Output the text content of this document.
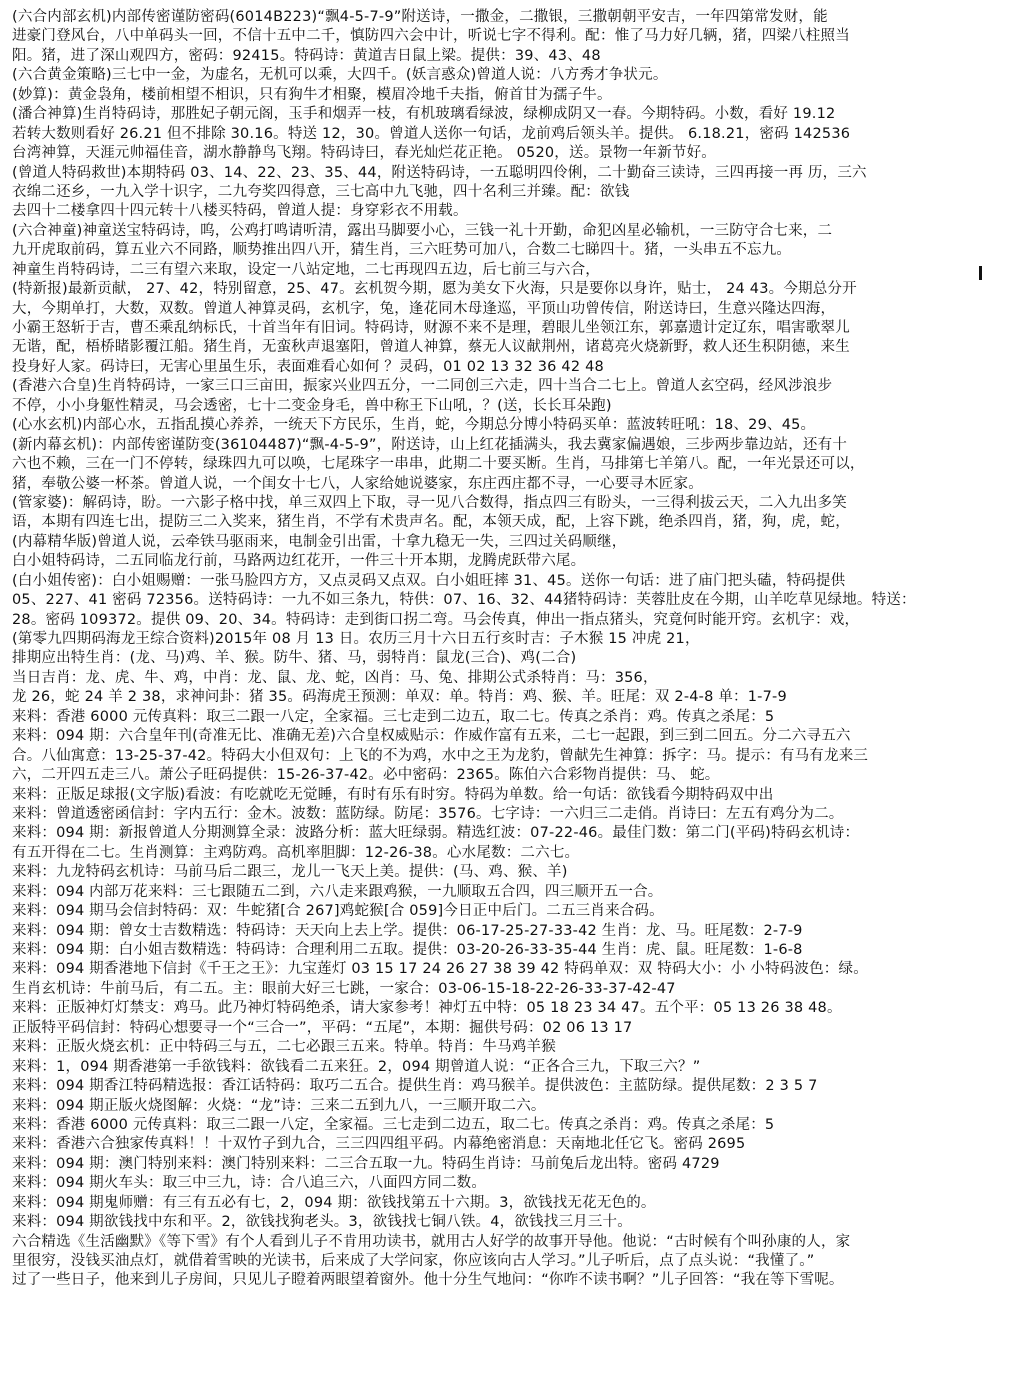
(六合内部玄机)内部传密谨防密码(6014B223)“飘4-5-7-9”附送诗，一撒金，二撒银，三撒朝朝平安吉，一年四第常发财，能
进豪门登风台，八中单码头一回，不信十五中二千，慎防四六会中计，听说七字不得利。配：惟了马力好几辆，猪，四梁八柱照当
阳。猪，进了深山观四方，密码：92415。特码诗：黄道吉日鼠上梁。提供：39、43、48
(六合黄金策略)三七中一金，为虚名，无机可以乘，大四千。(妖言惑众)曾道人说：八方秀才争状元。
(妙算)：黄金袅角，楼前相望不相识，只有狗牛才相聚，模眉冷地千夫指，俯首甘为孺子牛。
(潘合神算)生肖特码诗，那胜妃子朝元阁，玉手和烟弄一枝，有机玻璃看绿波，绿柳成阴又一春。今期特码。小数，看好 19.12
若转大数则看好 26.21 但不排除 30.16。特送 12，30。曾道人送你一句话，龙前鸡后领头羊。提供。 6.18.21，密码 142536
台湾神算，天涯元帅福佳音，湖水静静鸟飞翔。特码诗曰，春光灿烂花正艳。 0520，送。景物一年新节好。
(曾道人特码救世)本期特码 03、14、22、23、35、44，附送特码诗，一五聪明四伶俐，二十勤奋三读诗，三四再接一再 历，三六
衣绵二还乡，一九入学十识字，二九夸奖四得意，三七高中九飞驰，四十名利三并臻。配：欲钱
去四十二楼拿四十四元转十八楼买特码，曾道人提：身穿彩衣不用载。
(六合神童)神童送宝特码诗，呜，公鸡打鸣请听清，露出马脚要小心，三钱一礼十开勤，命犯凶星必输机，一三防守合七来，二
九开虎取前码，算五业六不同路，顺势推出四八开，猜生肖，三六旺势可加八，合数二七睇四十。猪，一头串五不忘九。
神童生肖特码诗，二三有望六来取，设定一八站定地，二七再现四五边，后七前三与六合，
(特新报)最新贡献， 27、42，特别留意，25、47。玄机贺今期，愿为美女下火海，只是要你以身许，贴士， 24 43。今期总分开
大，今期单打，大数，双数。曾道人神算灵码，玄机字，兔，逢花同木母逢巡，平顶山功曾传信，附送诗曰，生意兴隆达四海，
小霸王怒斩于吉，曹丕乘乱纳标氏，十首当年有旧词。特码诗，财源不来不是理，碧眼儿坐领江东，郭嘉遗计定辽东，唱害歌翠儿
无谐，配，梧桥睹影覆江船。猪生肖，无蛮秋声退塞阳，曾道人神算，蔡无人议献荆州，诸葛亮火烧新野，救人还生积阴德，来生
投身好人家。码诗曰，无害心里虽生乐，表面难看心如何 ？灵码，01 02 13 32 36 42 48
(香港六合皇)生肖特码诗，一家三口三亩田，振家兴业四五分，一二同创三六走，四十当合二七上。曾道人玄空码，经风涉浪步
不停，小小身躯性精灵，马会透密，七十二变金身毛，兽中称王下山吼，？(送，长长耳朵跑)
(心水玄机)内部心水，五指乱摸心养养，一统天下方民乐，生肖，蛇，今期总分博小特码买单：蓝波转旺吼：18、29、45。
(新内幕玄机)：内部传密谨防变(36104487)“飘-4-5-9”，附送诗，山上红花插满头，我去冀家偏遇娘，三步两步靠边站，还有十
六也不赖，三在一门不停转，绿珠四九可以唤，七尾珠字一串串，此期二十要买断。生肖，马排第七羊第八。配，一年光景还可以，
猪，奉敬公婆一杯茶。曾道人说，一个闺女十七八，人家给她说婆家，东庄西庄都不寻，一心要寻木匠家。
(管家婆)：解码诗，盼。一六影子格中找，单三双四上下取，寻一见八合数得，指点四三有盼头，一三得利拔云天，二入九出多笑
语，本期有四连七出，提防三二入奖来，猪生肖，不学有术贵声名。配，本领天成，配，上容下跳，绝杀四肖，猪，狗，虎，蛇，
(内幕精华版)曾道人说，云牵铁马驱雨来，电制金引出雷，十拿九稳无一失，三四过关码顺继，
白小姐特码诗，二五同临龙行前，马路两边红花开，一件三十开本期，龙腾虎跃带六尾。
(白小姐传密)：白小姐赐赠：一张马脸四方方，又点灵码又点双。白小姐旺摔 31、45。送你一句话：进了庙门把头磕，特码提供
05、227、41 密码 72356。送特码诗：一九不如三条九，特供：07、16、32、44猪特码诗：芙蓉肚皮在今期，山羊吃草见绿地。特送：
28。密码 109372。提供 09、20、34。特码诗：走到街口拐二弯。马会传真，伸出一指点猪头，究竟何时能开窍。玄机字：戏，
(第零九四期码海龙王综合资料)2015年 08 月 13 日。农历三月十六日五行亥时吉：子木猴 15 冲虎 21，
排期应出特生肖：(龙、马)鸡、羊、猴。防牛、猪、马，弱特肖：鼠龙(三合)、鸡(二合)
当日吉肖：龙、虎、牛、鸡，中肖：龙、鼠、龙、蛇，凶肖：马、兔、排期公式杀特肖：马：356，
龙 26，蛇 24 羊 2 38，求神问卦：猪 35。码海虎王预测：单双：单。特肖：鸡、猴、羊。旺尾：双 2-4-8 单：1-7-9
来料：香港 6000 元传真料：取三二跟一八定，全家福。三七走到二边五，取二七。传真之杀肖：鸡。传真之杀尾：5
来料：094 期：六合皇年刊(奇准无比、准确无差)六合皇权威贴示：作威作富有五来，二七一起跟，到三到二回五。分二六寻五六
合。八仙寓意：13-25-37-42。特码大小但双句：上飞的不为鸡，水中之王为龙豹，曾献先生神算：拆字：马。提示：有马有龙来三
六，二开四五走三八。萧公子旺码提供：15-26-37-42。必中密码：2365。陈伯六合彩物肖提供：马、 蛇。
来料：正版足球报(文字版)看波：有吃就吃无觉睡，有时有乐有时穷。特码为单数。给一句话：欲钱看今期特码双中出
来料：曾道透密函信封：字内五行：金木。波数：蓝防绿。防尾：3576。七字诗：一六归三二走俏。肖诗曰：左五有鸡分为二。
来料：094 期：新报曾道人分期测算全录：波路分析：蓝大旺绿弱。精选红波：07-22-46。最佳门数：第二门(平码)特码玄机诗：
有五开得在二七。生肖测算：主鸡防鸡。高机率胆脚：12-26-38。心水尾数：二六七。
来料：九龙特码玄机诗：马前马后二跟三，龙儿一飞天上美。提供：(马、鸡、猴、羊)
来料：094 内部万花来料：三七跟随五二到，六八走来跟鸡猴，一九顺取五合四，四三顺开五一合。
来料：094 期马会信封特码：双：牛蛇猪[合 267]鸡蛇猴[合 059]今日正中后门。二五三肖来合码。
来料：094 期：曾女士吉数精选：特码诗：天天向上去上学。提供：06-17-25-27-33-42 生肖：龙、马。旺尾数：2-7-9
来料：094 期：白小姐吉数精选：特码诗：合理利用二五取。提供：03-20-26-33-35-44 生肖：虎、鼠。旺尾数：1-6-8
来料：094 期香港地下信封《千王之王》：九宝莲灯 03 15 17 24 26 27 38 39 42 特码单双：双 特码大小：小 小特码波色：绿。
生肖玄机诗：牛前马后，有二五。主：眼前大好三七跳，一家合：03-06-15-18-22-26-33-37-42-47
来料：正版神灯灯禁支：鸡马。此乃神灯特码绝杀，请大家参考！神灯五中特：05 18 23 34 47。五个平：05 13 26 38 48。
正版特平码信封：特码心想要寻一个“三合一”，平码：“五尾”，本期：掘供号码：02 06 13 17
来料：正版火烧玄机：正中特码三与五，二七必跟三五来。特单。特肖：牛马鸡羊猴
来料：1，094 期香港第一手欲钱料：欲钱看二五来狂。2，094 期曾道人说：“正各合三九，下取三六？”
来料：094 期香江特码精选报：香江话特码：取巧二五合。提供生肖：鸡马猴羊。提供波色：主蓝防绿。提供尾数：2 3 5 7
来料：094 期正版火烧图解：火烧：“龙”诗：三来二五到九八，一三顺开取二六。
来料：香港 6000 元传真料：取三二跟一八定，全家福。三七走到二边五，取二七。传真之杀肖：鸡。传真之杀尾：5
来料：香港六合独家传真料！！十双竹子到九合，三三四四组平码。内幕绝密消息：天南地北任它飞。密码 2695
来料：094 期：澳门特别来料：澳门特别来料：二三合五取一九。特码生肖诗：马前兔后龙出特。密码 4729
来料：094 期火车头：取三中三九，诗：合八追三六，八面四方同二数。
来料：094 期鬼师赠：有三有五必有七，2，094 期：欲钱找第五十六期。3，欲钱找无花无色的。
来料：094 期欲钱找中东和平。2，欲钱找狗老头。3，欲钱找七铜八铁。4，欲钱找三月三十。
六合精选《生活幽默》《等下雪》有个人看到儿子不肯用功读书，就用古人好学的故事开导他。他说：“古时候有个叫孙康的人，家
里很穷，没钱买油点灯，就借着雪映的光读书，后来成了大学问家，你应该向古人学习。”儿子听后，点了点头说：“我懂了。”
过了一些日子，他来到儿子房间，只见儿子瞪着两眼望着窗外。他十分生气地问：“你咋不读书啊？”儿子回答：“我在等下雪呢。
